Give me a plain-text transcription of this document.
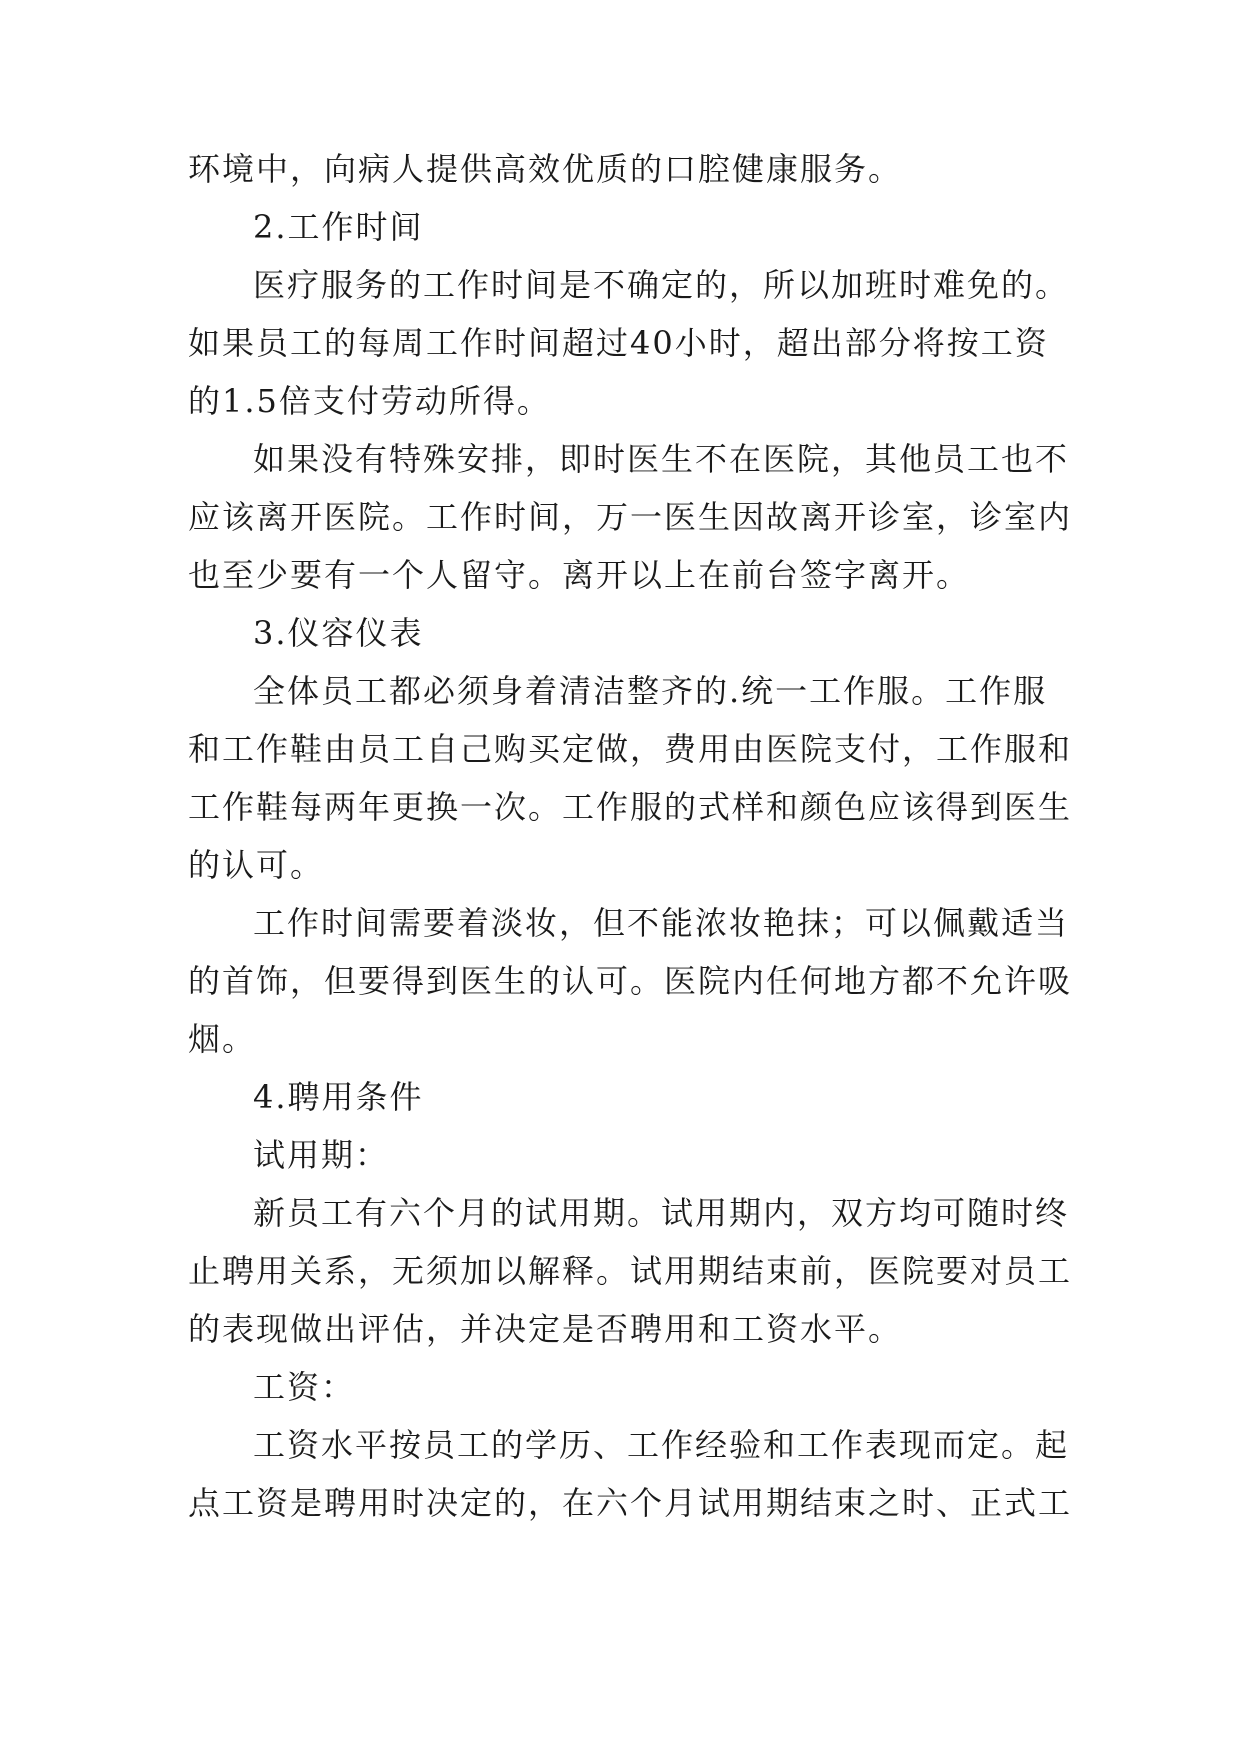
环境中，向病人提供高效优质的口腔健康服务。
2.工作时间
医疗服务的工作时间是不确定的，所以加班时难免的。
如果员工的每周工作时间超过40小时，超出部分将按工资
的1.5倍支付劳动所得。
如果没有特殊安排，即时医生不在医院，其他员工也不
应该离开医院。工作时间，万一医生因故离开诊室，诊室内
也至少要有一个人留守。离开以上在前台签字离开。
3.仪容仪表
全体员工都必须身着清洁整齐的.统一工作服。工作服
和工作鞋由员工自己购买定做，费用由医院支付，工作服和
工作鞋每两年更换一次。工作服的式样和颜色应该得到医生
的认可。
工作时间需要着淡妆，但不能浓妆艳抹；可以佩戴适当
的首饰，但要得到医生的认可。医院内任何地方都不允许吸
烟。
4.聘用条件
试用期：
新员工有六个月的试用期。试用期内，双方均可随时终
止聘用关系，无须加以解释。试用期结束前，医院要对员工
的表现做出评估，并决定是否聘用和工资水平。
工资：
工资水平按员工的学历、工作经验和工作表现而定。起
点工资是聘用时决定的，在六个月试用期结束之时、正式工
